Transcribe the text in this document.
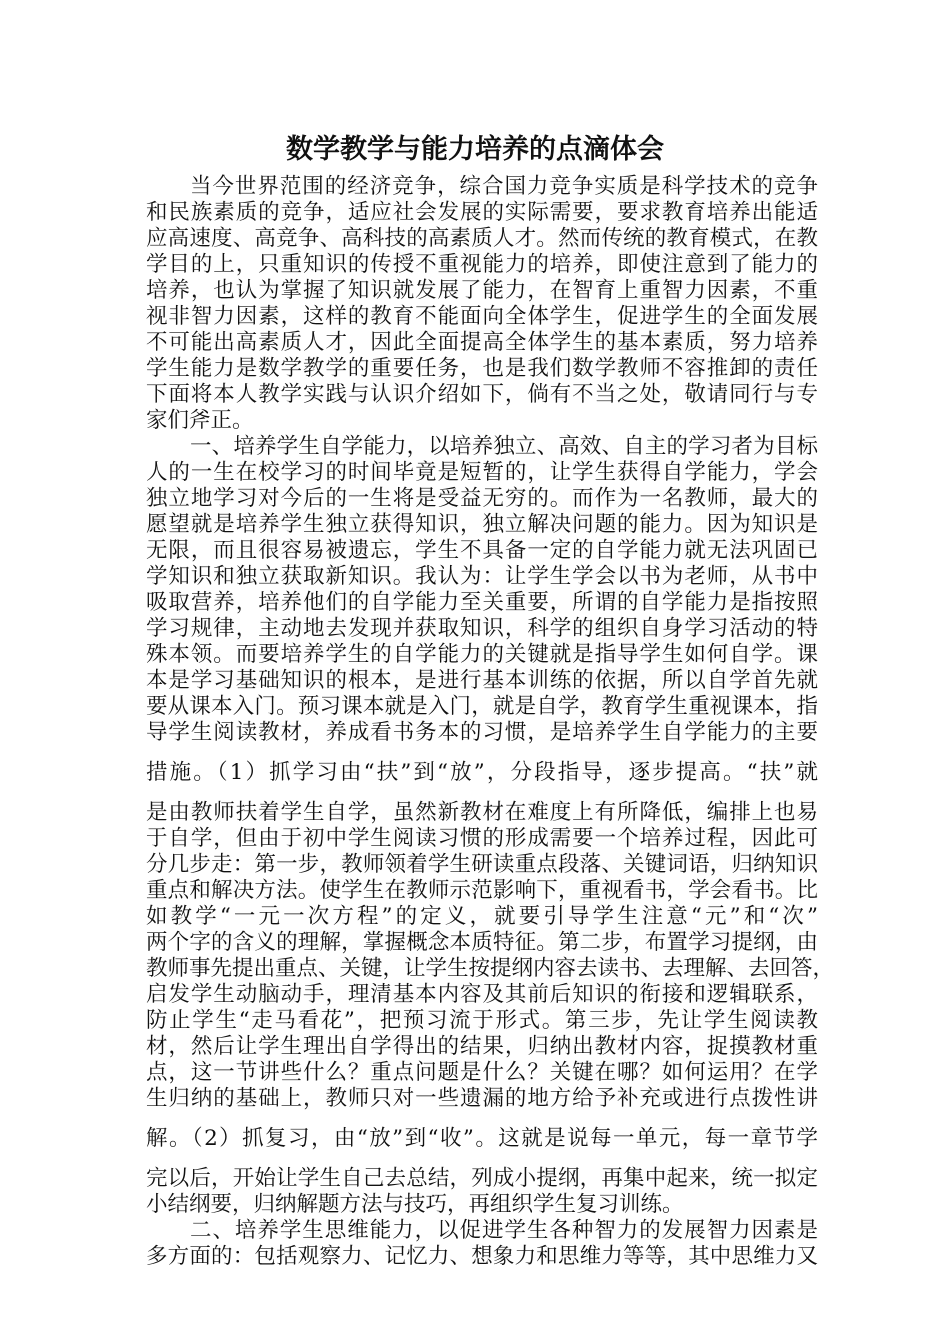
数学教学与能力培养的点滴体会

当今世界范围的经济竞争，综合国力竞争实质是科学技术的竞争

和民族素质的竞争，适应社会发展的实际需要，要求教育培养出能适

应高速度、高竞争、高科技的高素质人才。然而传统的教育模式，在教

学目的上，只重知识的传授不重视能力的培养，即使注意到了能力的

培养，也认为掌握了知识就发展了能力，在智育上重智力因素，不重

视非智力因素，这样的教育不能面向全体学生，促进学生的全面发展

不可能出高素质人才，因此全面提高全体学生的基本素质，努力培养

学生能力是数学教学的重要任务，也是我们数学教师不容推卸的责任

下面将本人教学实践与认识介绍如下，倘有不当之处，敬请同行与专

家们斧正。

一、培养学生自学能力，以培养独立、高效、自主的学习者为目标

人的一生在校学习的时间毕竟是短暂的，让学生获得自学能力，学会

独立地学习对今后的一生将是受益无穷的。而作为一名教师，最大的

愿望就是培养学生独立获得知识，独立解决问题的能力。因为知识是

无限，而且很容易被遗忘，学生不具备一定的自学能力就无法巩固已

学知识和独立获取新知识。我认为：让学生学会以书为老师，从书中

吸取营养，培养他们的自学能力至关重要，所谓的自学能力是指按照

学习规律，主动地去发现并获取知识，科学的组织自身学习活动的特

殊本领。而要培养学生的自学能力的关键就是指导学生如何自学。课

本是学习基础知识的根本，是进行基本训练的依据，所以自学首先就

要从课本入门。预习课本就是入门，就是自学，教育学生重视课本，指

导学生阅读教材，养成看书务本的习惯，是培养学生自学能力的主要

措施。（1）抓学习由“扶”到“放”，分段指导，逐步提高。“扶”就

是由教师扶着学生自学，虽然新教材在难度上有所降低，编排上也易

于自学，但由于初中学生阅读习惯的形成需要一个培养过程，因此可

分几步走：第一步，教师领着学生研读重点段落、关键词语，归纳知识

重点和解决方法。使学生在教师示范影响下，重视看书，学会看书。比

如教学“一元一次方程”的定义，就要引导学生注意“元”和“次”

两个字的含义的理解，掌握概念本质特征。第二步，布置学习提纲，由

教师事先提出重点、关键，让学生按提纲内容去读书、去理解、去回答，

启发学生动脑动手，理清基本内容及其前后知识的衔接和逻辑联系，

防止学生“走马看花”，把预习流于形式。第三步，先让学生阅读教

材，然后让学生理出自学得出的结果，归纳出教材内容，捉摸教材重

点，这一节讲些什么？重点问题是什么？关键在哪？如何运用？在学

生归纳的基础上，教师只对一些遗漏的地方给予补充或进行点拨性讲

解。（2）抓复习，由“放”到“收”。这就是说每一单元，每一章节学

完以后，开始让学生自己去总结，列成小提纲，再集中起来，统一拟定

小结纲要，归纳解题方法与技巧，再组织学生复习训练。

二、培养学生思维能力，以促进学生各种智力的发展智力因素是

多方面的：包括观察力、记忆力、想象力和思维力等等，其中思维力又
